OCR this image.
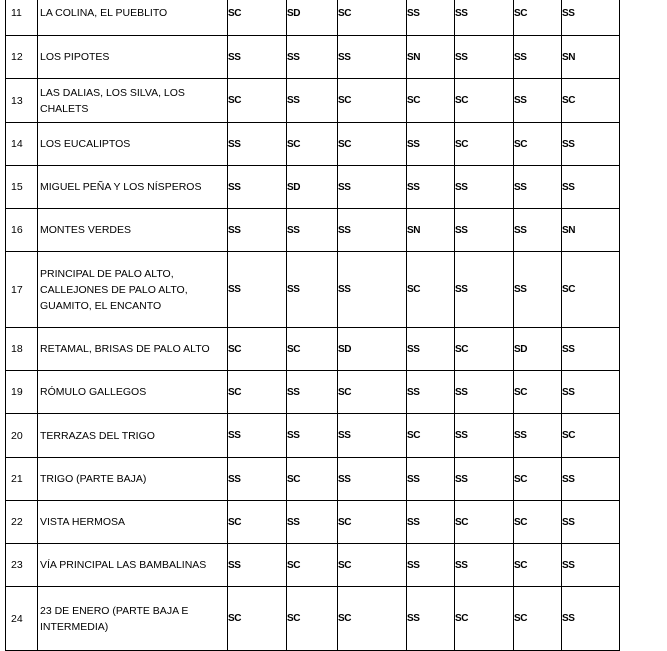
11	LA COLINA, EL PUEBLITO	SC	SD	SC	SS	SS	SC	SS
12	LOS PIPOTES	SS	SS	SS	SN	SS	SS	SN
13	LAS DALIAS, LOS SILVA, LOS CHALETS	SC	SS	SC	SC	SC	SS	SC
14	LOS EUCALIPTOS	SS	SC	SC	SS	SC	SC	SS
15	MIGUEL PEÑA Y LOS NÍSPEROS	SS	SD	SS	SS	SS	SS	SS
16	MONTES VERDES	SS	SS	SS	SN	SS	SS	SN
17	PRINCIPAL DE PALO ALTO,
CALLEJONES DE PALO ALTO,
GUAMITO, EL ENCANTO	SS	SS	SS	SC	SS	SS	SC
18	RETAMAL, BRISAS DE PALO ALTO	SC	SC	SD	SS	SC	SD	SS
19	RÓMULO GALLEGOS	SC	SS	SC	SS	SS	SC	SS
20	TERRAZAS DEL TRIGO	SS	SS	SS	SC	SS	SS	SC
21	TRIGO (PARTE BAJA)	SS	SC	SS	SS	SS	SC	SS
22	VISTA HERMOSA	SC	SS	SC	SS	SC	SC	SS
23	VÍA PRINCIPAL LAS BAMBALINAS	SS	SC	SC	SS	SS	SC	SS
24	23 DE ENERO (PARTE BAJA E
INTERMEDIA)	SC	SC	SC	SS	SC	SC	SS
